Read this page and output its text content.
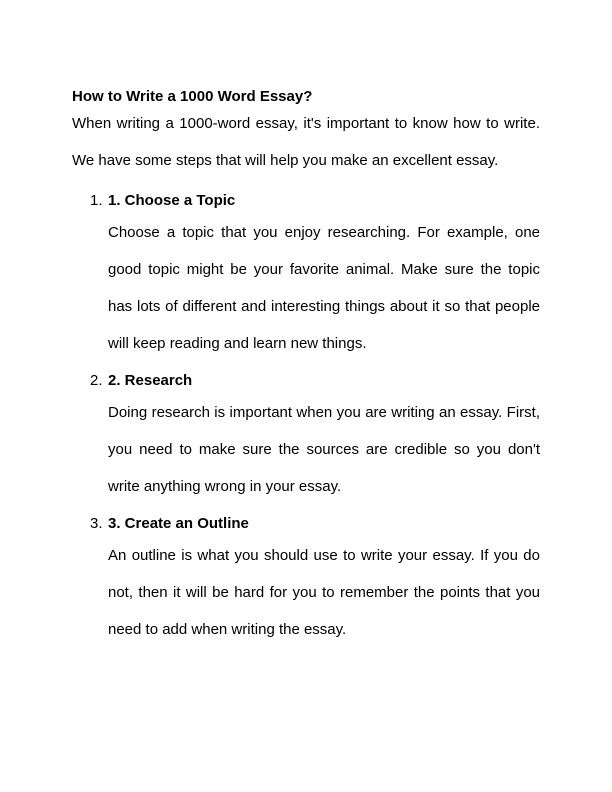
How to Write a 1000 Word Essay?

When writing a 1000-word essay, it's important to know how to write. We have some steps that will help you make an excellent essay.

1. 1. Choose a Topic

Choose a topic that you enjoy researching. For example, one good topic might be your favorite animal. Make sure the topic has lots of different and interesting things about it so that people will keep reading and learn new things.

2. 2. Research

Doing research is important when you are writing an essay. First, you need to make sure the sources are credible so you don't write anything wrong in your essay.

3. 3. Create an Outline

An outline is what you should use to write your essay. If you do not, then it will be hard for you to remember the points that you need to add when writing the essay.
